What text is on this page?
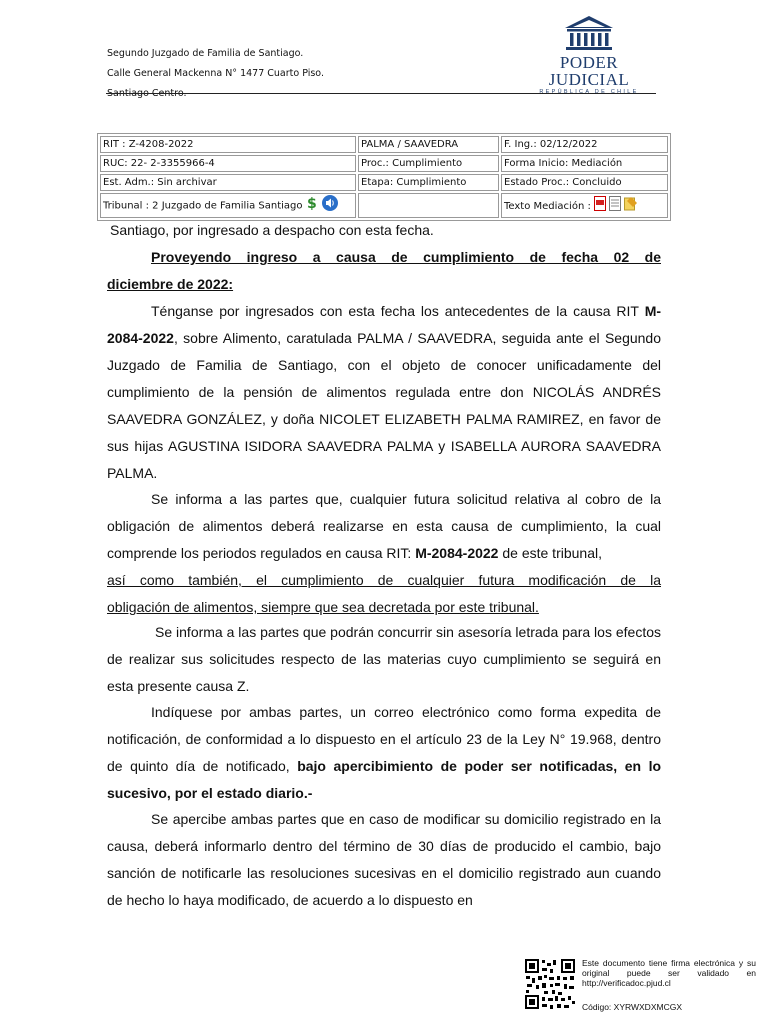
Segundo Juzgado de Familia de Santiago.
Calle General Mackenna N° 1477 Cuarto Piso.
Santiago Centro.
PODER JUDICIAL
REPÚBLICA DE CHILE
RIT : Z-4208-2022	PALMA / SAAVEDRA	F. Ing.: 02/12/2022
RUC: 22- 2-3355966-4	Proc.: Cumplimiento	Forma Inicio: Mediación
Est. Adm.: Sin archivar	Etapa: Cumplimiento	Estado Proc.: Concluido
Tribunal : 2 Juzgado de Familia Santiago $		Texto Mediación :
Santiago, por ingresado a despacho con esta fecha.
Proveyendo ingreso a causa de cumplimiento de fecha 02 de
diciembre de 2022:
Ténganse por ingresados con esta fecha los antecedentes de la causa RIT M-2084-2022, sobre Alimento, caratulada PALMA / SAAVEDRA, seguida ante el Segundo Juzgado de Familia de Santiago, con el objeto de conocer unificadamente del cumplimiento de la pensión de alimentos regulada entre don NICOLÁS ANDRÉS SAAVEDRA GONZÁLEZ, y doña NICOLET ELIZABETH PALMA RAMIREZ, en favor de sus hijas AGUSTINA ISIDORA SAAVEDRA PALMA y ISABELLA AURORA SAAVEDRA PALMA.
Se informa a las partes que, cualquier futura solicitud relativa al cobro de la obligación de alimentos deberá realizarse en esta causa de cumplimiento, la cual comprende los periodos regulados en causa RIT: M-2084-2022 de este tribunal,
así como también, el cumplimiento de cualquier futura modificación de la
obligación de alimentos, siempre que sea decretada por este tribunal.
Se informa a las partes que podrán concurrir sin asesoría letrada para los efectos de realizar sus solicitudes respecto de las materias cuyo cumplimiento se seguirá en esta presente causa Z.
Indíquese por ambas partes, un correo electrónico como forma expedita de notificación, de conformidad a lo dispuesto en el artículo 23 de la Ley N° 19.968, dentro de quinto día de notificado, bajo apercibimiento de poder ser notificadas, en lo sucesivo, por el estado diario.-
Se apercibe ambas partes que en caso de modificar su domicilio registrado en la causa, deberá informarlo dentro del término de 30 días de producido el cambio, bajo sanción de notificarle las resoluciones sucesivas en el domicilio registrado aun cuando de hecho lo haya modificado, de acuerdo a lo dispuesto en
Este documento tiene firma electrónica y su original puede ser validado en http://verificadoc.pjud.cl
Código: XYRWXDXMCGX
